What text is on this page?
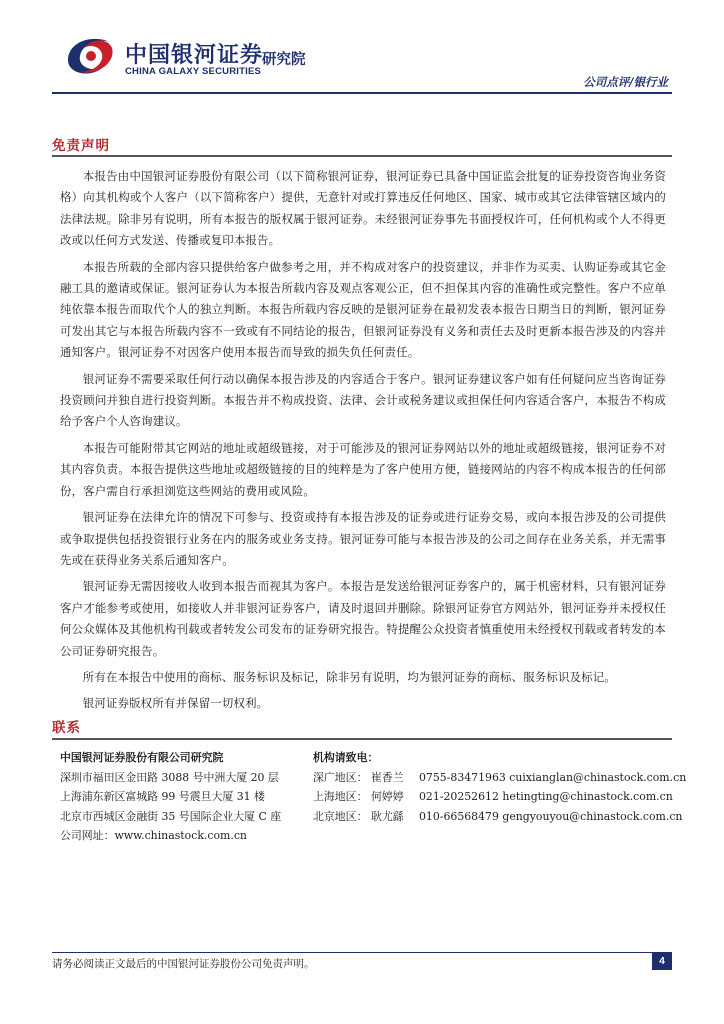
中国银河证券
CHINA GALAXY SECURITIES
研究院
公司点评/银行业
免责声明

本报告由中国银河证券股份有限公司（以下简称银河证券，银河证券已具备中国证监会批复的证券投资咨询业务资格）向其机构或个人客户（以下简称客户）提供，无意针对或打算违反任何地区、国家、城市或其它法律管辖区域内的法律法规。除非另有说明，所有本报告的版权属于银河证券。未经银河证券事先书面授权许可，任何机构或个人不得更改或以任何方式发送、传播或复印本报告。

本报告所载的全部内容只提供给客户做参考之用，并不构成对客户的投资建议，并非作为买卖、认购证券或其它金融工具的邀请或保证。银河证券认为本报告所载内容及观点客观公正，但不担保其内容的准确性或完整性。客户不应单纯依靠本报告而取代个人的独立判断。本报告所载内容反映的是银河证券在最初发表本报告日期当日的判断，银河证券可发出其它与本报告所载内容不一致或有不同结论的报告，但银河证券没有义务和责任去及时更新本报告涉及的内容并通知客户。银河证券不对因客户使用本报告而导致的损失负任何责任。

银河证券不需要采取任何行动以确保本报告涉及的内容适合于客户。银河证券建议客户如有任何疑问应当咨询证券投资顾问并独自进行投资判断。本报告并不构成投资、法律、会计或税务建议或担保任何内容适合客户，本报告不构成给予客户个人咨询建议。

本报告可能附带其它网站的地址或超级链接，对于可能涉及的银河证券网站以外的地址或超级链接，银河证券不对其内容负责。本报告提供这些地址或超级链接的目的纯粹是为了客户使用方便，链接网站的内容不构成本报告的任何部份，客户需自行承担浏览这些网站的费用或风险。

银河证券在法律允许的情况下可参与、投资或持有本报告涉及的证券或进行证券交易，或向本报告涉及的公司提供或争取提供包括投资银行业务在内的服务或业务支持。银河证券可能与本报告涉及的公司之间存在业务关系，并无需事先或在获得业务关系后通知客户。

银河证券无需因接收人收到本报告而视其为客户。本报告是发送给银河证券客户的，属于机密材料，只有银河证券客户才能参考或使用，如接收人并非银河证券客户，请及时退回并删除。除银河证券官方网站外，银河证券并未授权任何公众媒体及其他机构刊载或者转发公司发布的证券研究报告。特提醒公众投资者慎重使用未经授权刊载或者转发的本公司证券研究报告。

所有在本报告中使用的商标、服务标识及标记，除非另有说明，均为银河证券的商标、服务标识及标记。

银河证券版权所有并保留一切权利。

联系
中国银河证券股份有限公司研究院
深圳市福田区金田路 3088 号中洲大厦 20 层
上海浦东新区富城路 99 号震旦大厦 31 楼
北京市西城区金融街 35 号国际企业大厦 C 座
公司网址：www.chinastock.com.cn
机构请致电：
深广地区： 崔香兰 0755-83471963 cuixianglan@chinastock.com.cn
上海地区： 何婷婷 021-20252612 hetingting@chinastock.com.cn
北京地区： 耿尤繇 010-66568479 gengyouyou@chinastock.com.cn
请务必阅读正文最后的中国银河证券股份公司免责声明。	4
